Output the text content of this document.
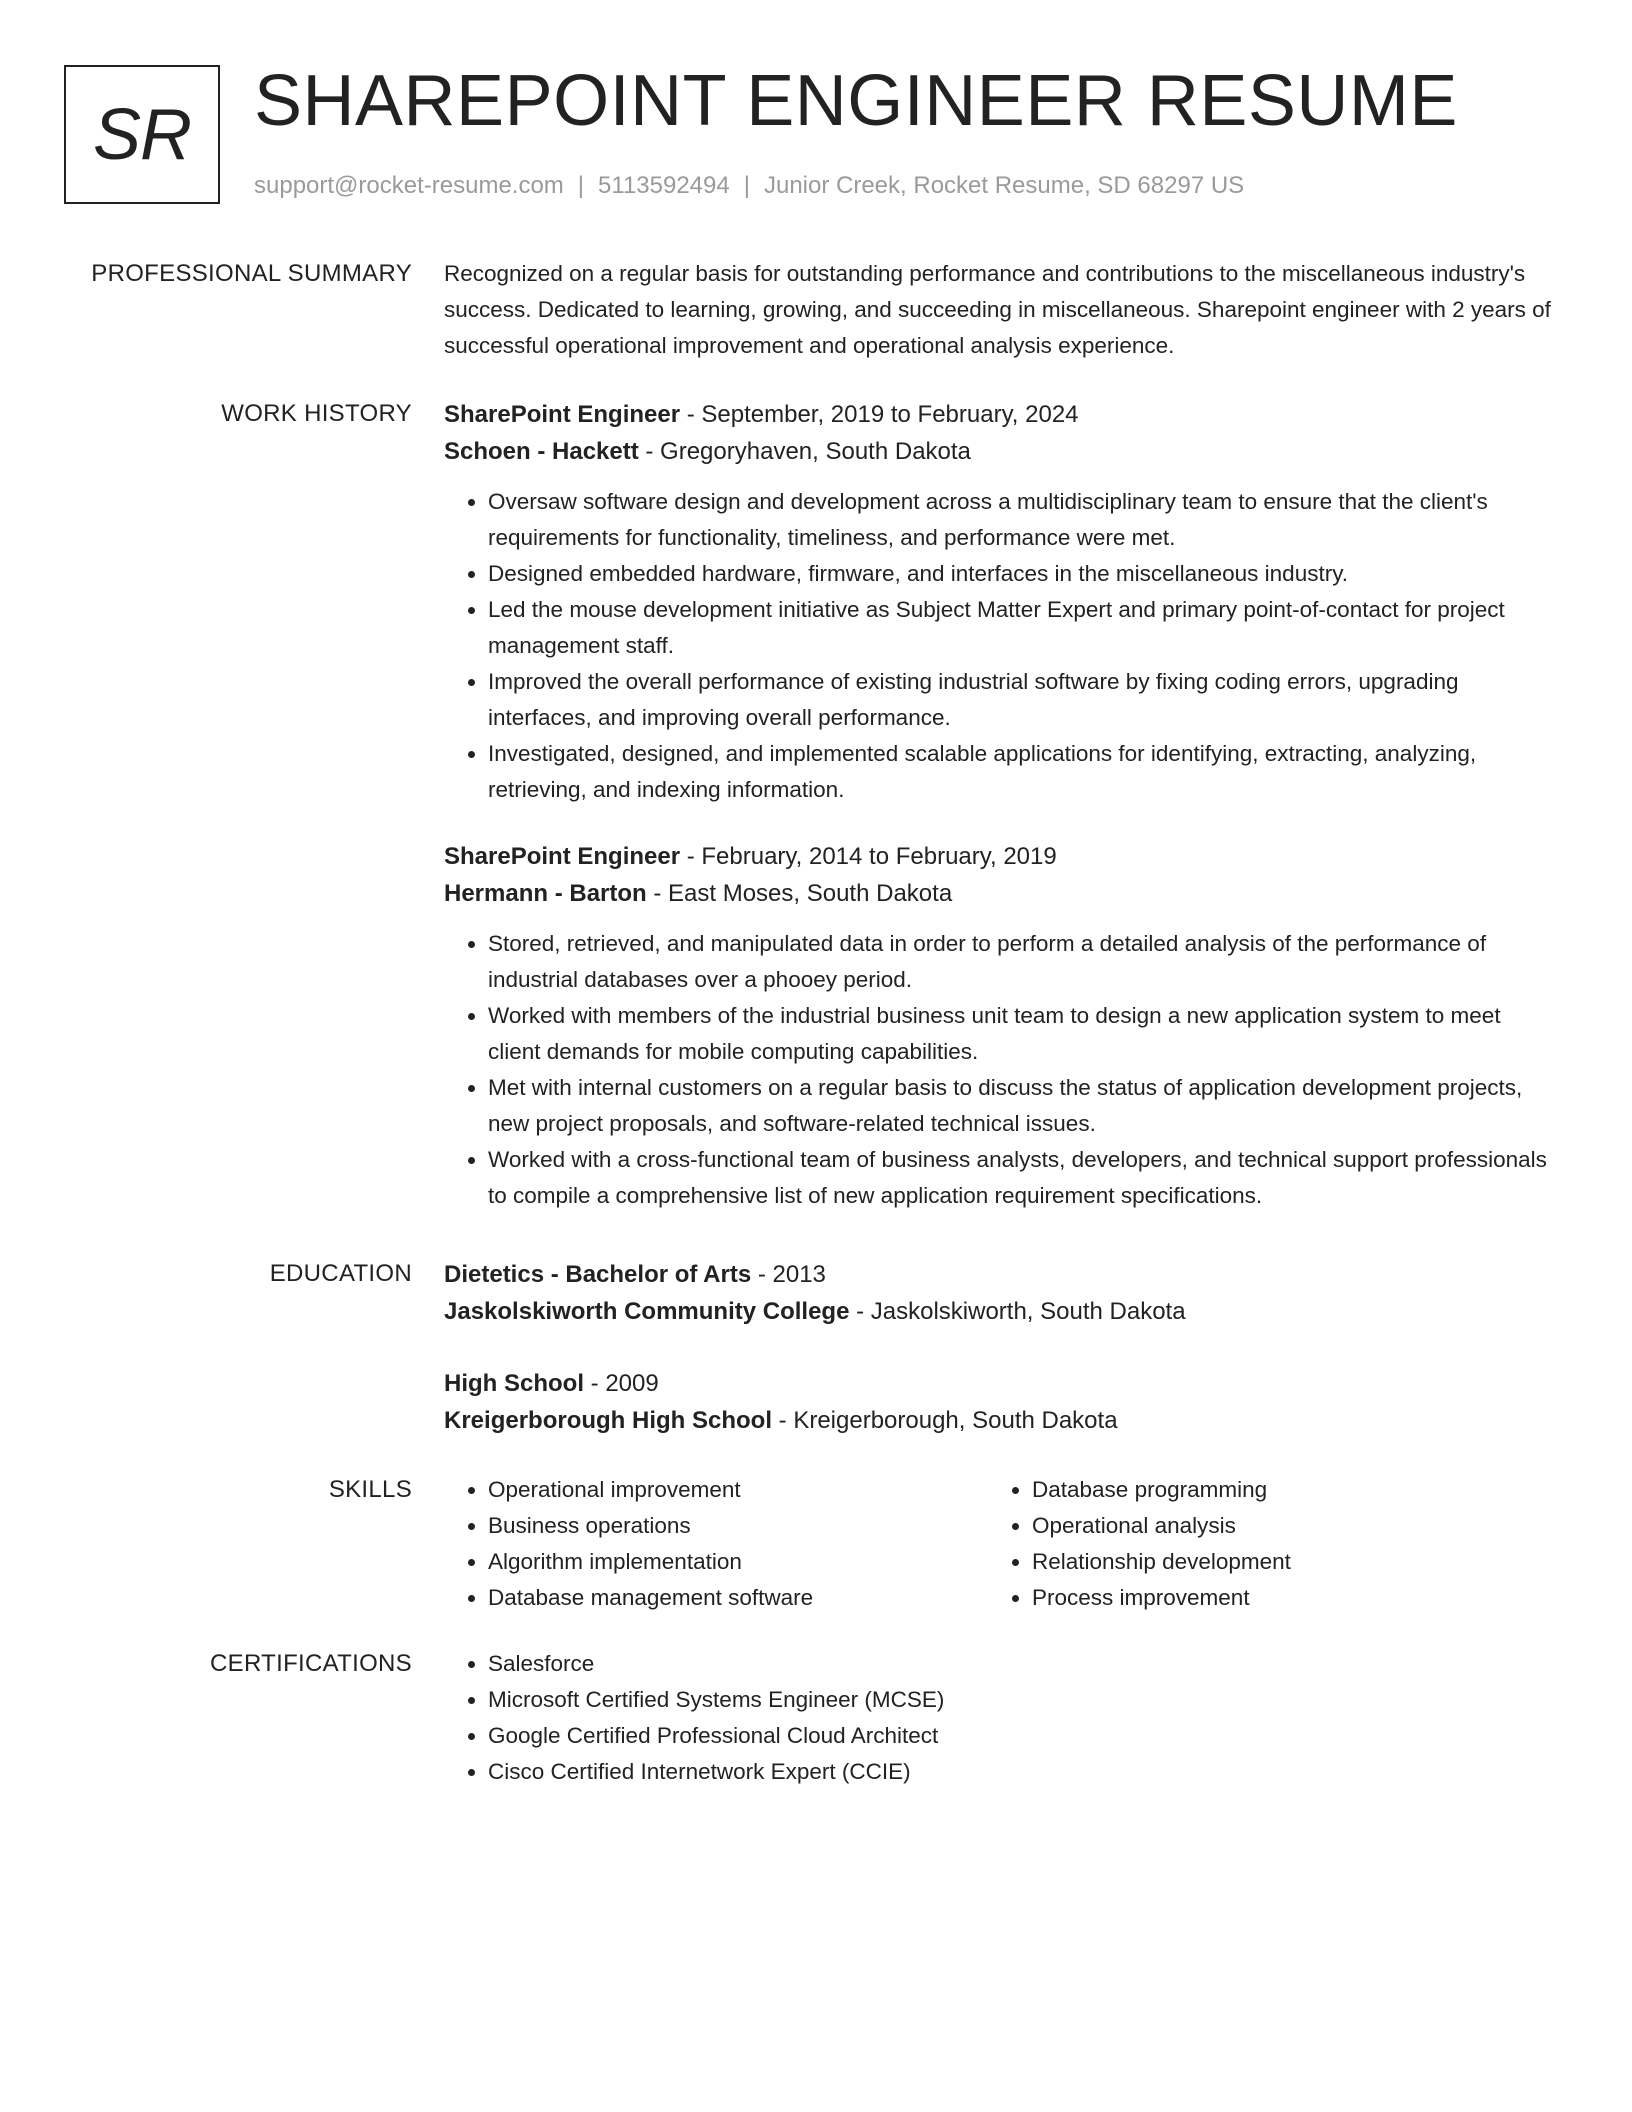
SR SHAREPOINT ENGINEER RESUME
support@rocket-resume.com | 5113592494 | Junior Creek, Rocket Resume, SD 68297 US
PROFESSIONAL SUMMARY Recognized on a regular basis for outstanding performance and contributions to the miscellaneous industry's success. Dedicated to learning, growing, and succeeding in miscellaneous. Sharepoint engineer with 2 years of successful operational improvement and operational analysis experience.

WORK HISTORY SharePoint Engineer - September, 2019 to February, 2024

Schoen - Hackett - Gregoryhaven, South Dakota

• Oversaw software design and development across a multidisciplinary team to ensure that the client's requirements for functionality, timeliness, and performance were met.
• Designed embedded hardware, firmware, and interfaces in the miscellaneous industry.
• Led the mouse development initiative as Subject Matter Expert and primary point-of-contact for project management staff.
• Improved the overall performance of existing industrial software by fixing coding errors, upgrading interfaces, and improving overall performance.
• Investigated, designed, and implemented scalable applications for identifying, extracting, analyzing, retrieving, and indexing information.

SharePoint Engineer - February, 2014 to February, 2019

Hermann - Barton - East Moses, South Dakota

• Stored, retrieved, and manipulated data in order to perform a detailed analysis of the performance of industrial databases over a phooey period.
• Worked with members of the industrial business unit team to design a new application system to meet client demands for mobile computing capabilities.
• Met with internal customers on a regular basis to discuss the status of application development projects, new project proposals, and software-related technical issues.
• Worked with a cross-functional team of business analysts, developers, and technical support professionals to compile a comprehensive list of new application requirement specifications.
EDUCATION Dietetics - Bachelor of Arts - 2013

Jaskolskiworth Community College - Jaskolskiworth, South Dakota

High School - 2009

Kreigerborough High School - Kreigerborough, South Dakota

SKILLS	• Operational improvement
• Business operations
• Algorithm implementation
• Database management software
• Database programming
• Operational analysis
• Relationship development
• Process improvement
CERTIFICATIONS	• Salesforce
• Microsoft Certified Systems Engineer (MCSE)
• Google Certified Professional Cloud Architect
• Cisco Certified Internetwork Expert (CCIE)
